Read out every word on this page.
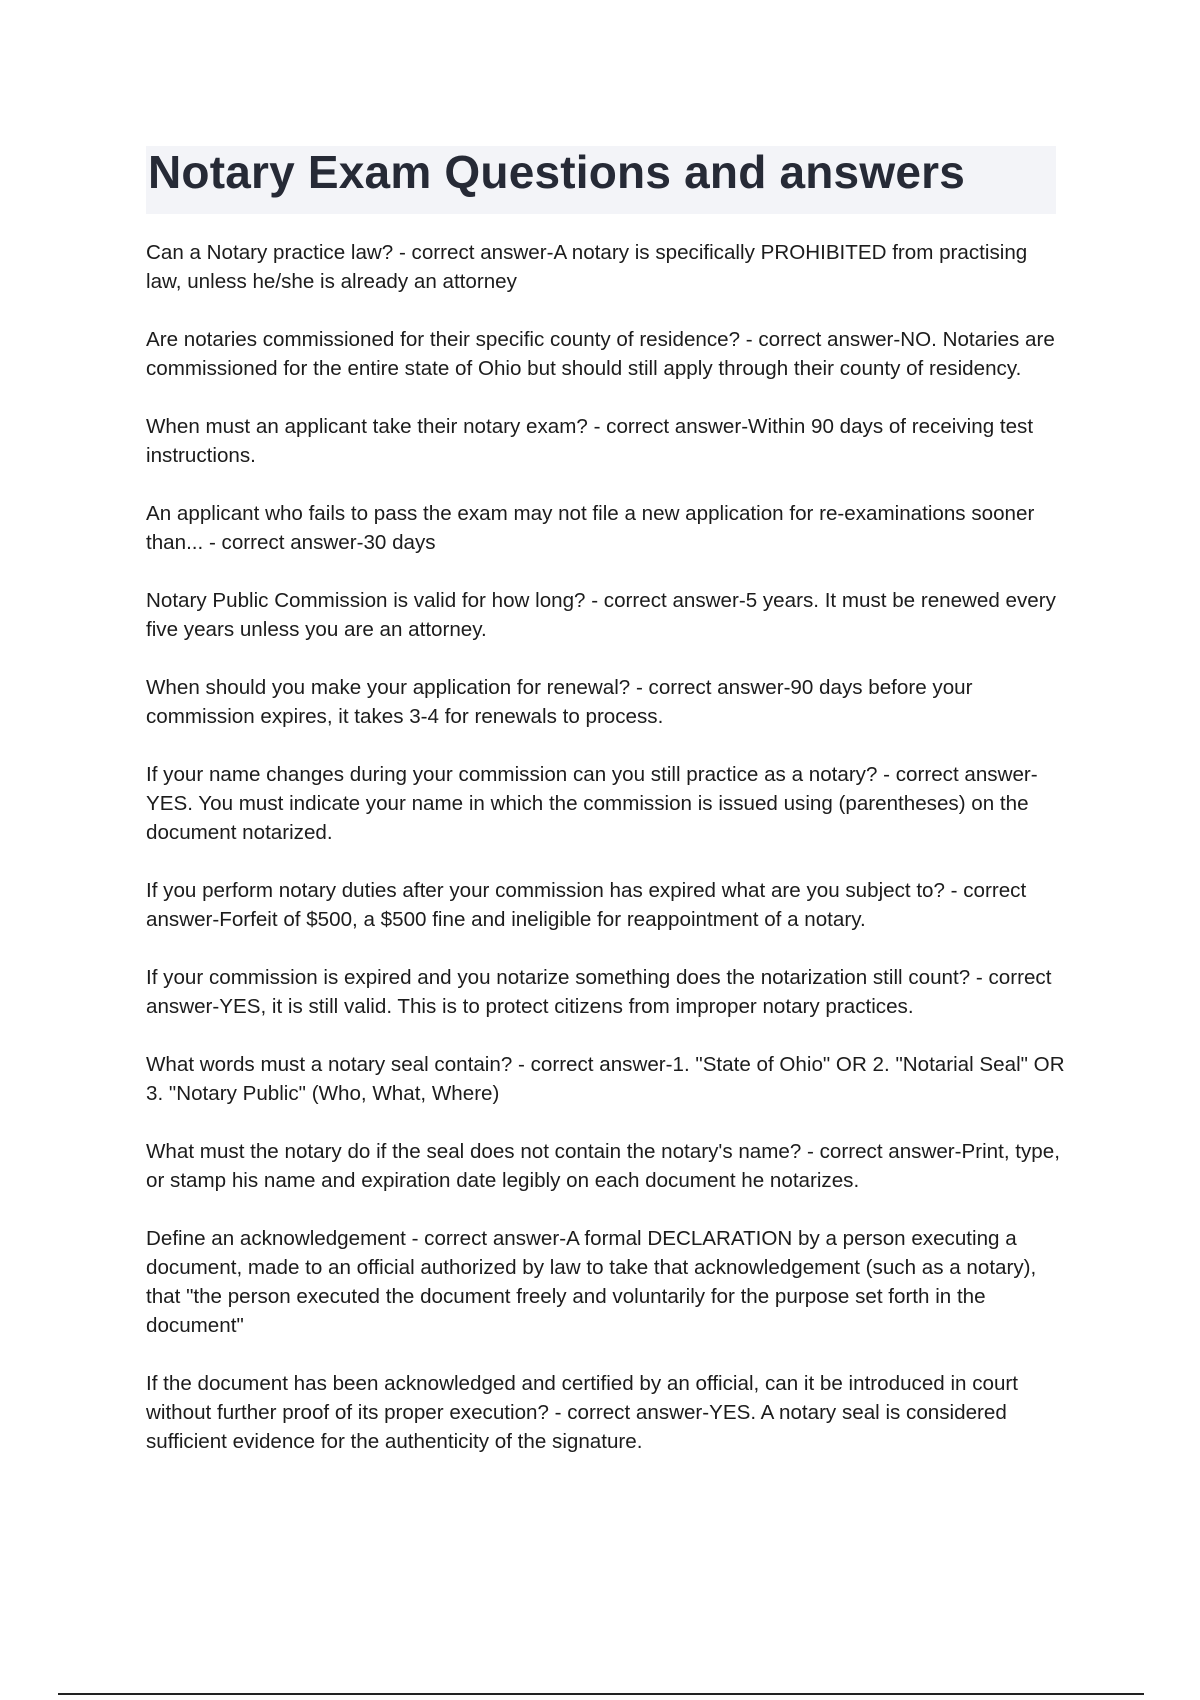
Notary Exam Questions and answers

Can a Notary practice law? - correct answer-A notary is specifically PROHIBITED from practising law, unless he/she is already an attorney

Are notaries commissioned for their specific county of residence? - correct answer-NO. Notaries are commissioned for the entire state of Ohio but should still apply through their county of residency.

When must an applicant take their notary exam? - correct answer-Within 90 days of receiving test instructions.

An applicant who fails to pass the exam may not file a new application for re-examinations sooner than... - correct answer-30 days

Notary Public Commission is valid for how long? - correct answer-5 years. It must be renewed every five years unless you are an attorney.

When should you make your application for renewal? - correct answer-90 days before your commission expires, it takes 3-4 for renewals to process.

If your name changes during your commission can you still practice as a notary? - correct answer-YES. You must indicate your name in which the commission is issued using (parentheses) on the document notarized.

If you perform notary duties after your commission has expired what are you subject to? - correct answer-Forfeit of $500, a $500 fine and ineligible for reappointment of a notary.

If your commission is expired and you notarize something does the notarization still count? - correct answer-YES, it is still valid. This is to protect citizens from improper notary practices.

What words must a notary seal contain? - correct answer-1. "State of Ohio" OR 2. "Notarial Seal" OR 3. "Notary Public" (Who, What, Where)

What must the notary do if the seal does not contain the notary's name? - correct answer-Print, type, or stamp his name and expiration date legibly on each document he notarizes.

Define an acknowledgement - correct answer-A formal DECLARATION by a person executing a document, made to an official authorized by law to take that acknowledgement (such as a notary), that "the person executed the document freely and voluntarily for the purpose set forth in the document"

If the document has been acknowledged and certified by an official, can it be introduced in court without further proof of its proper execution? - correct answer-YES. A notary seal is considered sufficient evidence for the authenticity of the signature.
